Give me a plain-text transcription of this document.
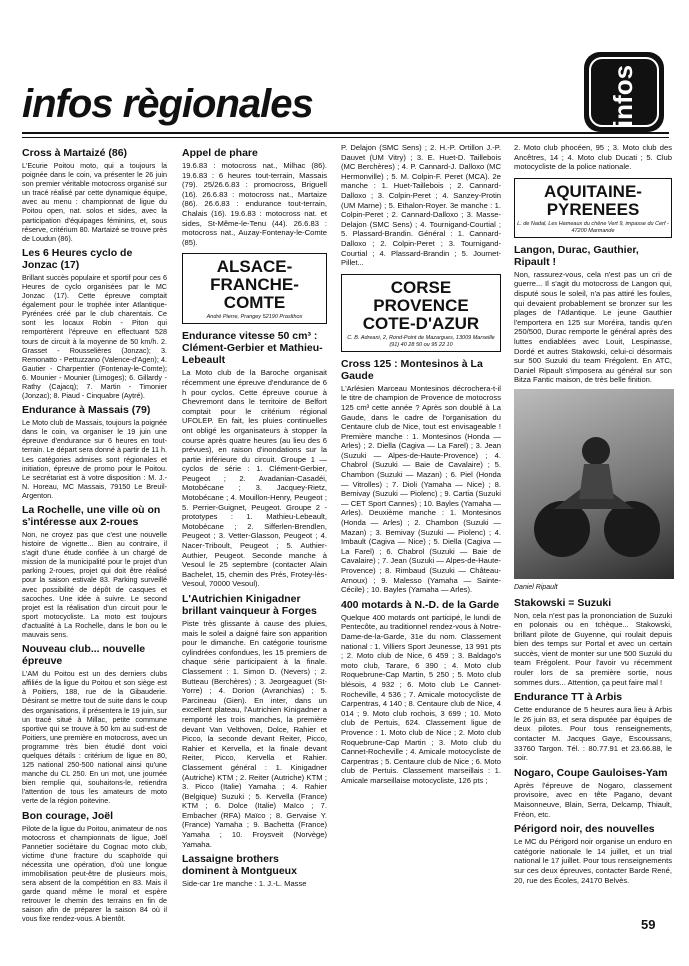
infos règionales	infos
Cross à Martaizé (86)

L'Ecurie Poitou moto, qui a toujours la poignée dans le coin, va présenter le 26 juin son premier véritable motocross organisé sur un tracé réalisé par cette dynamique équipe, avec au menu : championnat de ligue du Poitou open, nat. solos et sides, avec la participation d'équipages féminins, et, sous réserve, critérium 80. Martaizé se trouve près de Loudun (86).

Les 6 Heures cyclo de Jonzac (17)

Brillant succès populaire et sportif pour ces 6 Heures de cyclo organisées par le MC Jonzac (17). Cette épreuve comptait également pour le trophée inter Atlantique-Pyrénées créé par le club charentais. Ce sont les locaux Robin - Piton qui remportèrent l'épreuve en effectuant 528 tours de circuit à la moyenne de 50 km/h. 2. Grasset - Rousselières (Jonzac); 3. Remonatto - Pettuzzano (Valence-d'Agen); 4. Gautier - Charpentier (Fontenay-le-Comte); 6. Mounier - Mounier (Limoges); 6. Gillardy - Rathy (Cajacq); 7. Martin - Timonier (Jonzac); 8. Piaud - Cinquabre (Aytré).

Endurance à Massais (79)

Le Moto club de Massais, toujours la poignée dans le coin, va organiser le 19 juin une épreuve d'endurance sur 6 heures en tout-terrain. Le départ sera donné à partir de 11 h. Les catégories admises sont régionales et initiation, épreuve de promo pour le Poitou. Le secrétariat est à votre disposition : M. J.-N. Horeau, MC Massais, 79150 Le Breuil-Argenton.

La Rochelle, une ville où on s'intéresse aux 2-roues

Non, ne croyez pas que c'est une nouvelle histoire de vignette... Bien au contraire, il s'agit d'une étude confiée à un chargé de mission de la municipalité pour le projet d'un parking 2-roues, projet qui doit être réalisé pour la saison estivale 83. Parking surveillé avec possibilité de dépôt de casques et sacoches. Une idée à suivre. Le second projet est la réalisation d'un circuit pour le sport motocycliste. La moto est toujours d'actualité à La Rochelle, dans le bon ou le mauvais sens.

Nouveau club... nouvelle épreuve

L'AM du Poitou est un des derniers clubs affiliés de la ligue du Poitou et son siège est à Poitiers, 188, rue de la Gibauderie. Désirant se mettre tout de suite dans le coup des organisations, il présentera le 19 juin, sur un tracé situé à Millac, petite commune sportive qui se trouve à 50 km au sud-est de Poitiers, une première en motocross, avec un programme très bien étudié dont voici quelques détails : critérium de ligue en 80, 125 national 250-500 national ainsi qu'une manche du CL 250. En un mot, une journée bien remplie qui, souhaitons-le, retiendra l'attention de tous les amateurs de moto verte de la région poitevine.

Bon courage, Joël

Pilote de la ligue du Poitou, animateur de nos motocross et championnats de ligue, Joël Pannetier sociétaire du Cognac moto club, victime d'une fracture du scaphoïde qui nécessita une opération, d'où une longue immobilisation peut-être de plusieurs mois, sera absent de la compétition en 83. Mais il garde quand même le moral et espère retrouver le chemin des terrains en fin de saison afin de préparer la saison 84 où il vous fixe rendez-vous. A bientôt.

Appel de phare

19.6.83 : motocross nat., Milhac (86). 19.6.83 : 6 heures tout-terrain, Massais (79). 25/26.6.83 : promocross, Briguell (16). 26.6.83 : motocross nat., Martaize (86). 26.6.83 : endurance tout-terrain, Chalais (16). 19.6.83 : motocross nat. et sides, St-Même-le-Tenu (44). 26.6.83 : motocross nat., Auzay-Fontenay-le-Comte (85).

ALSACE-
FRANCHE-
COMTE
André Pierre, Prangey 52190 Praslthox
Endurance vitesse 50 cm³ : Clément-Gerbier et Mathieu-Lebeault

La Moto club de la Baroche organisait récemment une épreuve d'endurance de 6 h pour cyclos. Cette épreuve courue à Chevremont dans le territoire de Belfort comptait pour le critérium régional UFOLEP. En fait, les pluies continuelles ont obligé les organisateurs à stopper la course après quatre heures (au lieu des 6 prévues), en raison d'inondations sur la partie inférieure du circuit. Groupe 1 — cyclos de série : 1. Clément-Gerbier, Peugeot ; 2. Avadanian-Casadéi, Motobécane ; 3. Jacquey-Rietz, Motobécane ; 4. Mouillon-Henry, Peugeot ; 5. Perrier-Guignet, Peugeot. Groupe 2 - prototypes : 1. Mathieu-Lebeault, Motobécane ; 2. Sifferlen-Brendlen, Peugeot ; 3. Vetter-Glasson, Peugeot ; 4. Nacer-Triboult, Peugeot ; 5. Authier-Authier, Peugeot. Seconde manche à Vesoul le 25 septembre (contacter Alain Bachelet, 15, chemin des Prés, Frotey-lès-Vesoul, 70000 Vesoul).

L'Autrichien Kinigadner brillant vainqueur à Forges

Piste très glissante à cause des pluies, mais le soleil a daigné faire son apparition pour le dimanche. En catégorie tourisme cylindrées confondues, les 15 premiers de chaque série participaient à la finale. Classement : 1. Simon D. (Nevers) ; 2. Butteau (Berchères) ; 3. Jeorgeaguet (St-Yorre) ; 4. Dorion (Avranchias) ; 5. Parcineau (Gien). En inter, dans un excellent plateau, l'Autrichien Kinigadner a remporté les trois manches, la première devant Van Velthoven, Dolce, Rahier et Picco, la seconde devant Reiter, Picco, Rahier et Kervella, et la finale devant Reiter, Picco, Kervella et Rahier. Classement général : 1. Kinigadner (Autriche) KTM ; 2. Reiter (Autriche) KTM ; 3. Picco (Italie) Yamaha ; 4. Rahier (Belgique) Suzuki ; 5. Kervella (France) KTM ; 6. Dolce (Italie) Maïco ; 7. Embacher (RFA) Maïco ; 8. Gervaise Y. (France) Yamaha ; 9. Bachetta (France) Yamaha ; 10. Froysveit (Norvège) Yamaha.

Lassaigne brothers dominent à Montgueux

Side-car 1re manche : 1. J.-L. Masse

P. Delajon (SMC Sens) ; 2. H.-P. Ortillon J.-P. Dauvet (UM Vitry) ; 3. E. Huet-D. Taillebois (MC Berchères) ; 4. P. Cannard-J. Dalloxo (MC Hermonville) ; 5. M. Colpin-F. Peret (MCA). 2e manche : 1. Huet-Taillebois ; 2. Cannard-Dalloxo ; 3. Colpin-Peret ; 4. Sanzey-Protin (UM Marne) ; 5. Ethalon-Royer. 3e manche : 1. Colpin-Peret ; 2. Cannard-Dalloxo ; 3. Masse-Delajon (SMC Sens) ; 4. Tournigand-Courtial ; 5. Plassard-Brandin. Général : 1. Cannard-Dalloxo ; 2. Colpin-Peret ; 3. Tournigand-Courtial ; 4. Plassard-Brandin ; 5. Journet-Pillet...

CORSE
PROVENCE
COTE-D'AZUR
C. B. Adreani, 2, Rond-Point de Mazargues, 13009 Marseille (91) 40 28 50 ou 95 22 10
Cross 125 : Montesinos à La Gaude

L'Arlésien Marceau Montesinos décrochera-t-il le titre de champion de Provence de motocross 125 cm³ cette année ? Après son doublé à La Gaude, dans le cadre de l'organisation du Centaure club de Nice, tout est envisageable ! Première manche : 1. Montesinos (Honda — Arles) ; 2. Diella (Cagiva — La Farel) ; 3. Jean (Suzuki — Alpes-de-Haute-Provence) ; 4. Chabrol (Suzuki — Baie de Cavalaire) ; 5. Chambon (Suzuki — Mazan) ; 6. Piel (Honda — Vitrolles) ; 7. Dioli (Yamaha — Nice) ; 8. Bemivay (Suzuki — Piolenc) ; 9. Cartia (Suzuki — CET Sport Cannes) ; 10. Bayles (Yamaha — Arles). Deuxième manche : 1. Montesinos (Honda — Arles) ; 2. Chambon (Suzuki — Mazan) ; 3. Bemivay (Suzuki — Piolenc) ; 4. Imbault (Cagiva — Nice) ; 5. Diella (Cagiva — La Farel) ; 6. Chabrol (Suzuki — Baie de Cavalaire) ; 7. Jean (Suzuki — Alpes-de-Haute-Provence) ; 8. Rimbaud (Suzuki — Château-Arnoux) ; 9. Malesso (Yamaha — Sainte-Cécile) ; 10. Bayles (Yamaha — Arles).

400 motards à N.-D. de la Garde

Quelque 400 motards ont participé, le lundi de Pentecôte, au traditionnel rendez-vous à Notre-Dame-de-la-Garde, 31e du nom. Classement national : 1. Villiers Sport Jeunesse, 13 991 pts ; 2. Moto club de Nice, 6 459 ; 3. Baldago's moto club, Tarare, 6 390 ; 4. Moto club Roquebrune-Cap Martin, 5 250 ; 5. Moto club blésois, 4 932 ; 6. Moto club Le Cannet-Rocheville, 4 536 ; 7. Amicale motocycliste de Carpentras, 4 140 ; 8. Centaure club de Nice, 4 014 ; 9. Moto club rochois, 3 699 ; 10. Moto club de Pertuis, 624. Classement ligue de Provence : 1. Moto club de Nice ; 2. Moto club Roquebrune-Cap Martin ; 3. Moto club du Cannet-Rocheville ; 4. Amicale motocycliste de Carpentras ; 5. Centaure club de Nice ; 6. Moto club de Pertuis. Classement marseillais : 1. Amicale marseillaise motocycliste, 126 pts ;

2. Moto club phocéen, 95 ; 3. Moto club des Ancêtres, 14 ; 4. Moto club Ducati ; 5. Club motocycliste de la police nationale.

AQUITAINE-
PYRENEES
L. de Nadal, Les Hameaux du chêne Vert 9, impasse du Cerf - 47200 Marmande
Langon, Durac, Gauthier, Ripault !

Non, rassurez-vous, cela n'est pas un cri de guerre... Il s'agit du motocross de Langon qui, disputé sous le soleil, n'a pas attiré les foules, qui devaient probablement se bronzer sur les plages de l'Atlantique. Le jeune Gauthier l'emportera en 125 sur Moréira, tandis qu'en 250/500, Durac remporte le général après des luttes endiablées avec Louit, Lespinasse, Dordé et autres Stakowski, celui-ci désormais sur 500 Suzuki du team Frégolent. En ATC, Daniel Ripault s'imposera au général sur son Bitza Fantic maison, de très belle finition.

Daniel Ripault
Stakowski = Suzuki

Non, cela n'est pas la prononciation de Suzuki en polonais ou en tchèque... Stakowski, brillant pilote de Guyenne, qui roulait depuis bien des temps sur Portal et avec un certain succès, vient de monter sur une 500 Suzuki du team Frégolent. Pour l'avoir vu récemment rouler lors de sa première sortie, nous sommes durs... Attention, ça peut faire mal !

Endurance TT à Arbis

Cette endurance de 5 heures aura lieu à Arbis le 26 juin 83, et sera disputée par équipes de deux pilotes. Pour tous renseignements, contacter M. Jacques Gaye, Escoussans, 33760 Targon. Tél. : 80.77.91 et 23.66.88, le soir.

Nogaro, Coupe Gauloises-Yam

Après l'épreuve de Nogaro, classement provisoire, avec en tête Pagano, devant Maisonneuve, Blain, Serra, Delcamp, Thiault, Fréon, etc.

Périgord noir, des nouvelles

Le MC du Périgord noir organise un enduro en catégorie nationale le 14 juillet, et un trial national le 17 juillet. Pour tous renseignements sur ces deux épreuves, contacter Barde René, 20, rue des Écoles, 24170 Belvès.

59
